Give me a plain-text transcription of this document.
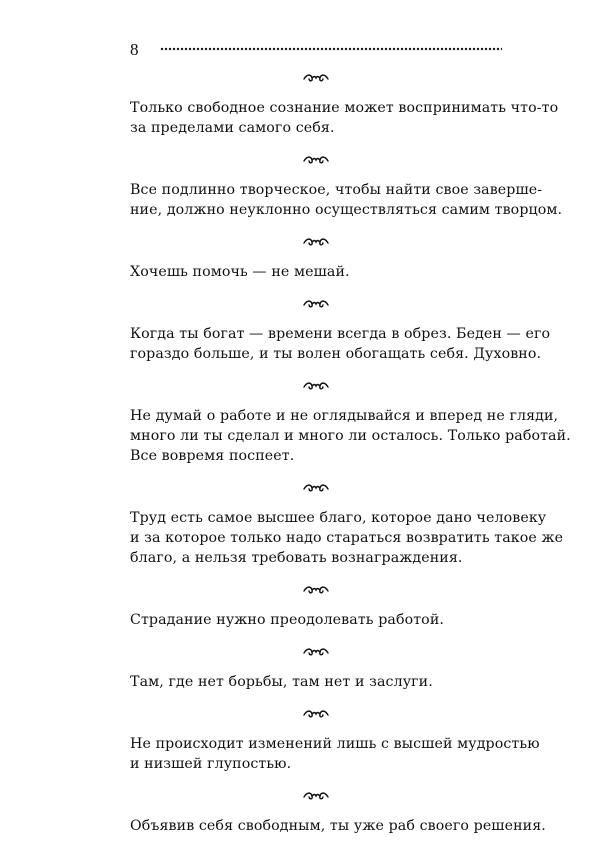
8

Только свободное сознание может воспринимать что-то
за пределами самого себя.

Все подлинно творческое, чтобы найти свое заверше-
ние, должно неуклонно осуществляться самим творцом.

Хочешь помочь — не мешай.

Когда ты богат — времени всегда в обрез. Беден — его
гораздо больше, и ты волен обогащать себя. Духовно.

Не думай о работе и не оглядывайся и вперед не гляди,
много ли ты сделал и много ли осталось. Только работай.
Все вовремя поспеет.

Труд есть самое высшее благо, которое дано человеку
и за которое только надо стараться возвратить такое же
благо, а нельзя требовать вознаграждения.

Страдание нужно преодолевать работой.

Там, где нет борьбы, там нет и заслуги.

Не происходит изменений лишь с высшей мудростью
и низшей глупостью.

Объявив себя свободным, ты уже раб своего решения.
